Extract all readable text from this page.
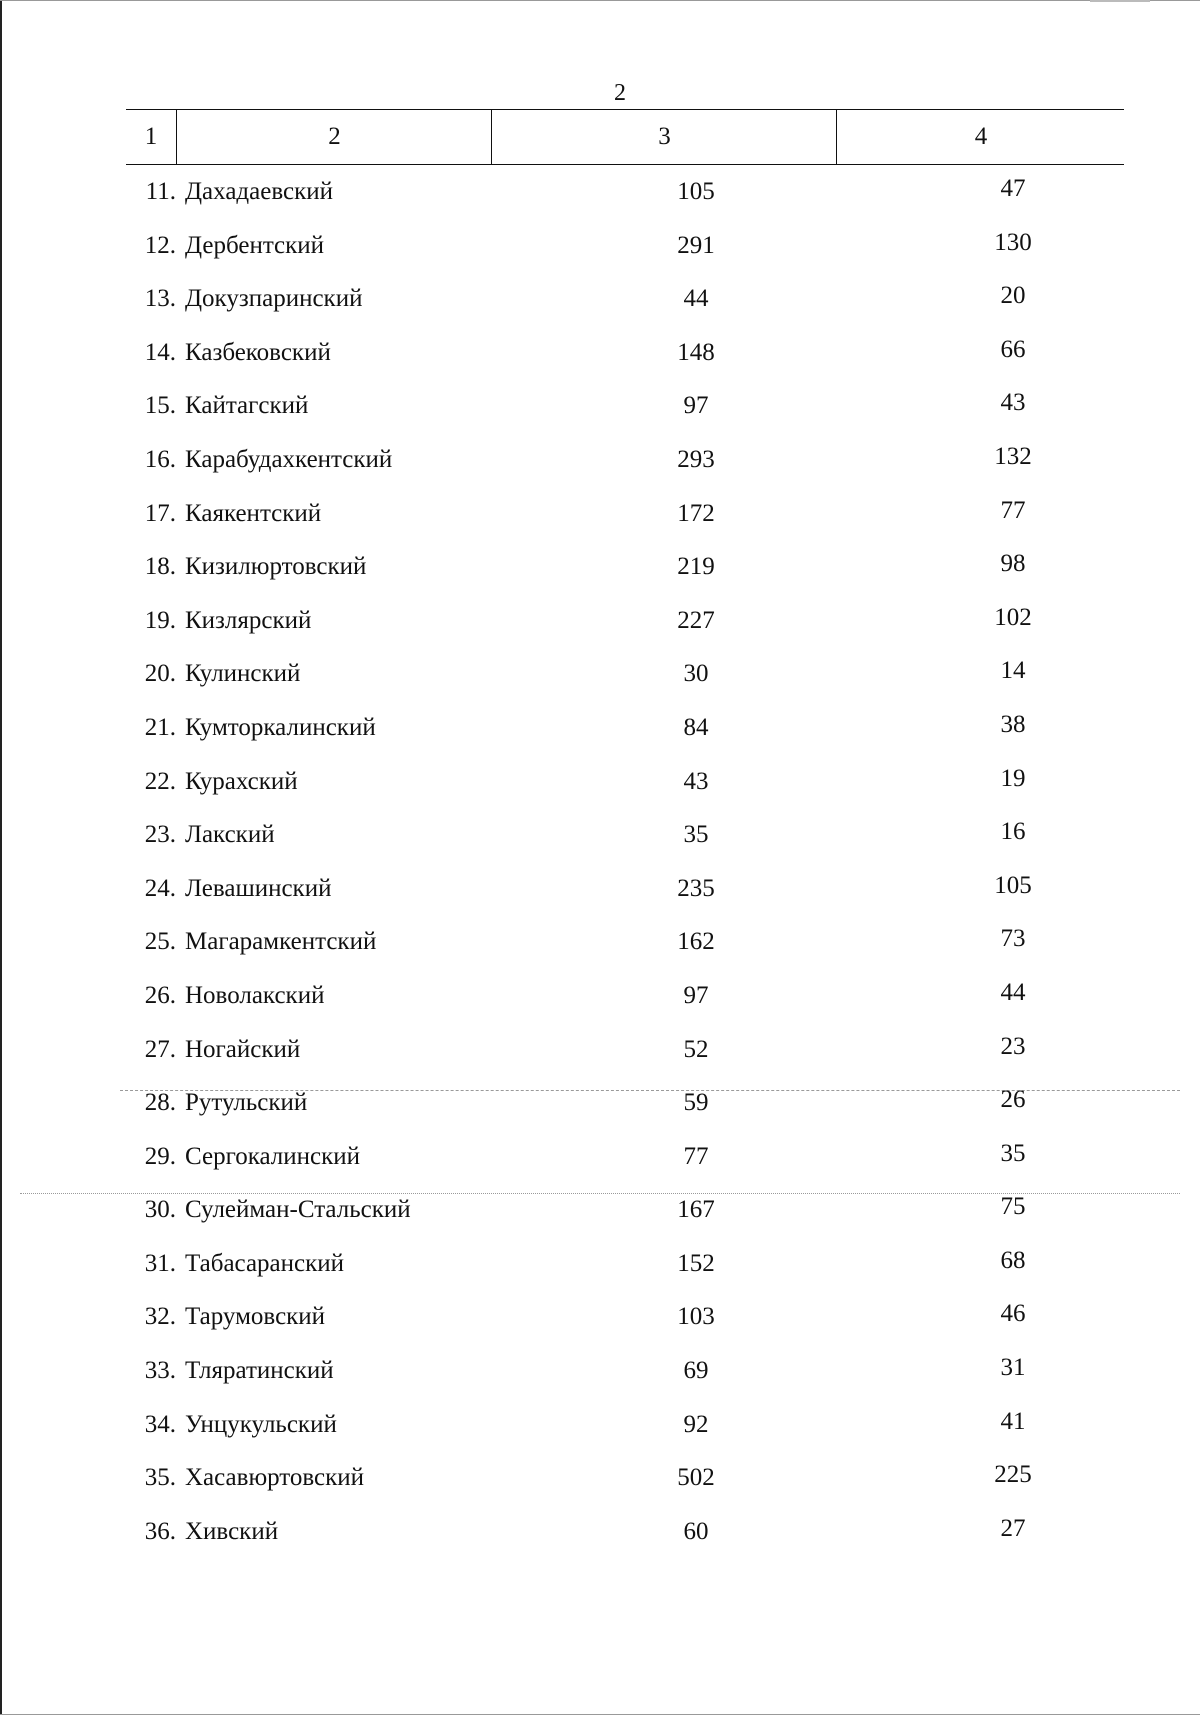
2
1	2	3	4
11. Дахадаевский	105	47
12. Дербентский	291	130
13. Докузпаринский	44	20
14. Казбековский	148	66
15. Кайтагский	97	43
16. Карабудахкентский	293	132
17. Каякентский	172	77
18. Кизилюртовский	219	98
19. Кизлярский	227	102
20. Кулинский	30	14
21. Кумторкалинский	84	38
22. Курахский	43	19
23. Лакский	35	16
24. Левашинский	235	105
25. Магарамкентский	162	73
26. Новолакский	97	44
27. Ногайский	52	23
28. Рутульский	59	26
29. Сергокалинский	77	35
30. Сулейман-Стальский	167	75
31. Табасаранский	152	68
32. Тарумовский	103	46
33. Тляратинский	69	31
34. Унцукульский	92	41
35. Хасавюртовский	502	225
36. Хивский	60	27
